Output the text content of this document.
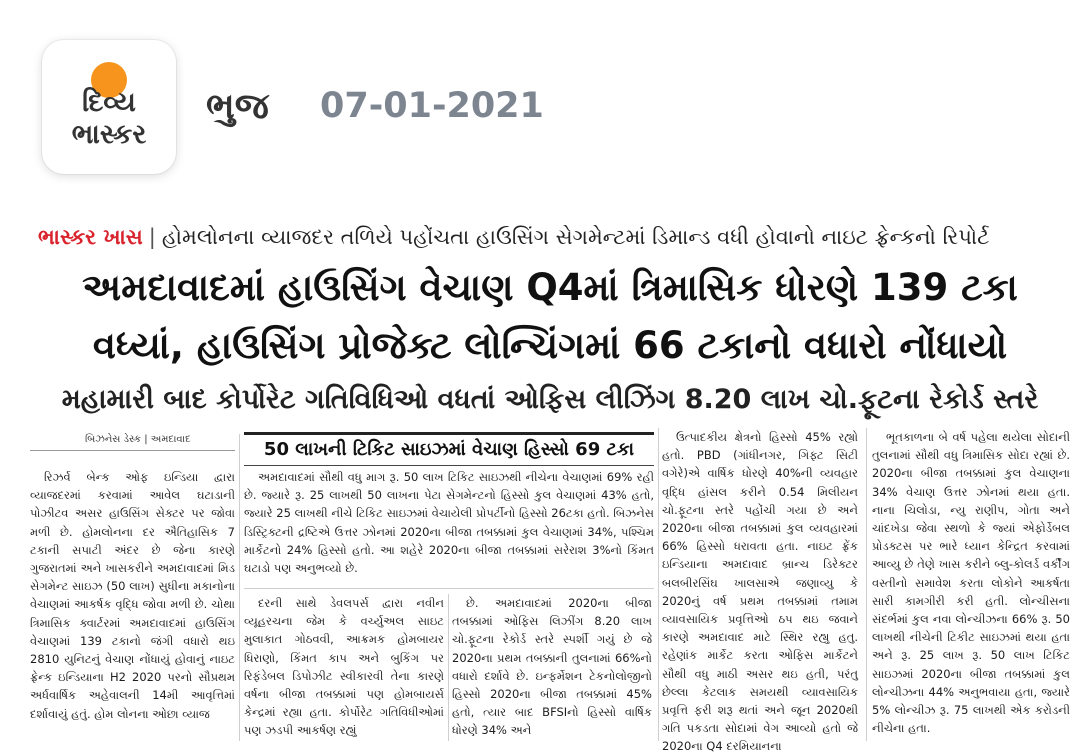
દિવ્ય
ભાસ્કર
ભુજ 07-01-2021
ભાસ્કર ખાસ | હોમલોનના વ્યાજદર તળિયે પહોંચતા હાઉસિંગ સેગમેન્ટમાં ડિમાન્ડ વધી હોવાનો નાઇટ ફ્રેન્કનો રિપોર્ટ
અમદાવાદમાં હાઉસિંગ વેચાણ Q4માં ત્રિમાસિક ધોરણે 139 ટકા
વધ્યાં, હાઉસિંગ પ્રોજેક્ટ લોન્ચિંગમાં 66 ટકાનો વધારો નોંધાયો
મહામારી બાદ કોર્પોરેટ ગતિવિધિઓ વધતાં ઓફિસ લીઝિંગ 8.20 લાખ ચો.ફૂટના રેકોર્ડ સ્તરે
બિઝનેસ ડેસ્ક | અમદાવાદ	50 લાખની ટિકિટ સાઇઝમાં વેચાણ હિસ્સો 69 ટકા

રિઝર્વ બેન્ક ઓફ ઇન્ડિયા દ્વારા વ્યાજદરમાં કરવામાં આવેલ ઘટાડાની પોઝીટવ અસર હાઉસિંગ સેક્ટર પર જોવા મળી છે. હોમલોનના દર ઐતિહાસિક 7 ટકાની સપાટી અંદર છે જેના કારણે ગુજરાતમાં અને ખાસકરીને અમદાવાદમાં મિડ સેગમેન્ટ સાઇઝ (50 લાખ) સુધીના મકાનોના વેચાણમાં આકર્ષક વૃદ્ધિ જોવા મળી છે. ચોથા ત્રિમાસિક ક્વાર્ટરમાં અમદાવાદમાં હાઉસિંગ વેચાણમાં 139 ટકાનો જંગી વધારો થઇ 2810 યુનિટનું વેચાણ નોંધાયું હોવાનું નાઇટ ફ્રેન્ક ઇન્ડિયાના H2 2020 પરનો સૌપ્રથમ અર્ધવાર્ષિક અહેવાલની 14મી આવૃત્તિમાં દર્શાવાયું હતું. હોમ લોનના ઓછા વ્યાજ

અમદાવાદમાં સૌથી વધુ માગ રૂ. 50 લાખ ટિકિટ સાઇઝથી નીચેના વેચાણમાં 69% રહી છે. જ્યારે રૂ. 25 લાખથી 50 લાખના પેટા સેગમેન્ટનો હિસ્સો કુલ વેચાણમાં 43% હતો, જ્યારે 25 લાખથી નીચે ટિકિટ સાઇઝમાં વેચાયેલી પ્રોપર્ટીનો હિસ્સો 26ટકા હતો. બિઝનેસ ડિસ્ટ્રિક્ટની દ્રષ્ટિએ ઉત્તર ઝોનમાં 2020ના બીજા તબક્કામાં કુલ વેચાણમાં 34%, પશ્ચિમ માર્કેટનો 24% હિસ્સો હતો. આ શહેરે 2020ના બીજા તબક્કામાં સરેરાશ 3%નો કિંમત ઘટાડો પણ અનુભવ્યો છે.

દરની સાથે ડેવલપર્સ દ્વારા નવીન વ્યૂહરચના જેમ કે વર્ચ્યુઅલ સાઇટ મુલાકાત ગોઠવવી, આક્રમક હોમબાયર ધિરાણો, કિંમત કાપ અને બુકિંગ પર રિફંડેબલ ડિપોઝીટ સ્વીકારવી તેના કારણે વર્ષના બીજા તબક્કામાં પણ હોમબાયર્સ કેન્દ્રમાં રહ્યા હતા. કોર્પોરેટ ગતિવિધીઓમાં પણ ઝડપી આકર્ષણ રહ્યું

છે. અમદાવાદમાં 2020ના બીજા તબક્કામાં ઓફિસ લિઝીંગ 8.20 લાખ ચો.ફૂટના રેકોર્ડ સ્તરે સ્પર્શી ગયું છે જે 2020ના પ્રથમ તબક્કાની તુલનામાં 66%નો વધારો દર્શાવે છે. ઇન્ફર્મેશન ટેકનોલોજીનો હિસ્સો 2020ના બીજા તબક્કામાં 45% હતો, ત્યાર બાદ BFSIનો હિસ્સો વાર્ષિક ધોરણે 34% અને

ઉત્પાદકીય ક્ષેત્રનો હિસ્સો 45% રહ્યો હતો. PBD (ગાંધીનગર, ગિફ્ટ સિટી વગેરે)એ વાર્ષિક ધોરણે 40%ની વ્યવહાર વૃદ્ધિ હાંસલ કરીને 0.54 મિલીયન ચો.ફૂટના સ્તરે પહોંચી ગયા છે અને 2020ના બીજા તબક્કામાં કુલ વ્યવહારમાં 66% હિસ્સો ધરાવતા હતા. નાઇટ ફ્રેંક ઇન્ડિયાના અમદાવાદ બ્રાન્ચ ડિરેક્ટર બલબીરસિંઘ ખાલસાએ જણાવ્યુ કે 2020નું વર્ષ પ્રથમ તબક્કામાં તમામ વ્યાવસાયિક પ્રવૃત્તિઓ ઠપ થઇ જવાને કારણે અમદાવાદ માટે સ્થિર રહ્યુ હતુ. રહેણાંક માર્કેટ કરતા ઓફિસ માર્કેટને સૌથી વધુ માઠી અસર થઇ હતી, પરંતુ છેલ્લા કેટલાક સમયથી વ્યાવસાયિક પ્રવૃત્તિ ફરી શરૂ થતાં અને જૂન 2020થી ગતિ પકડતા સોદામાં વેગ આવ્યો હતો જે 2020ના Q4 દરમિયાનના

ભૂતકાળના બે વર્ષ પહેલા થયેલા સોદાની તુલનામાં સૌથી વધુ ત્રિમાસિક સોદા રહ્યાં છે. 2020ના બીજા તબક્કામાં કુલ વેચાણના 34% વેચાણ ઉત્તર ઝોનમાં થયા હતા. નાના ચિલોડા, ન્યુ રાણીપ, ગોતા અને ચાંદખેડા જેવા સ્થળો કે જ્યાં એફોર્ડેબલ પ્રોડક્ટસ પર ભારે ધ્યાન કેન્દ્રિત કરવામાં આવ્યુ છે તેણે ખાસ કરીને બ્લુ-કોલર્ડ વર્કીંગ વસ્તીનો સમાવેશ કરતા લોકોને આકર્ષતા સારી કામગીરી કરી હતી. લોન્ચીસના સંદર્ભમાં કુલ નવા લોન્ચીઝના 66% રૂ. 50 લાખથી નીચેની ટિકીટ સાઇઝમાં થયા હતા અને રૂ. 25 લાખ રૂ. 50 લાખ ટિકિટ સાઇઝમાં 2020ના બીજા તબક્કામાં કુલ લોન્ચીઝના 44% અનુભવાયા હતા, જ્યારે 5% લોન્ચીઝ રૂ. 75 લાખથી એક કરોડની નીચેના હતા.
